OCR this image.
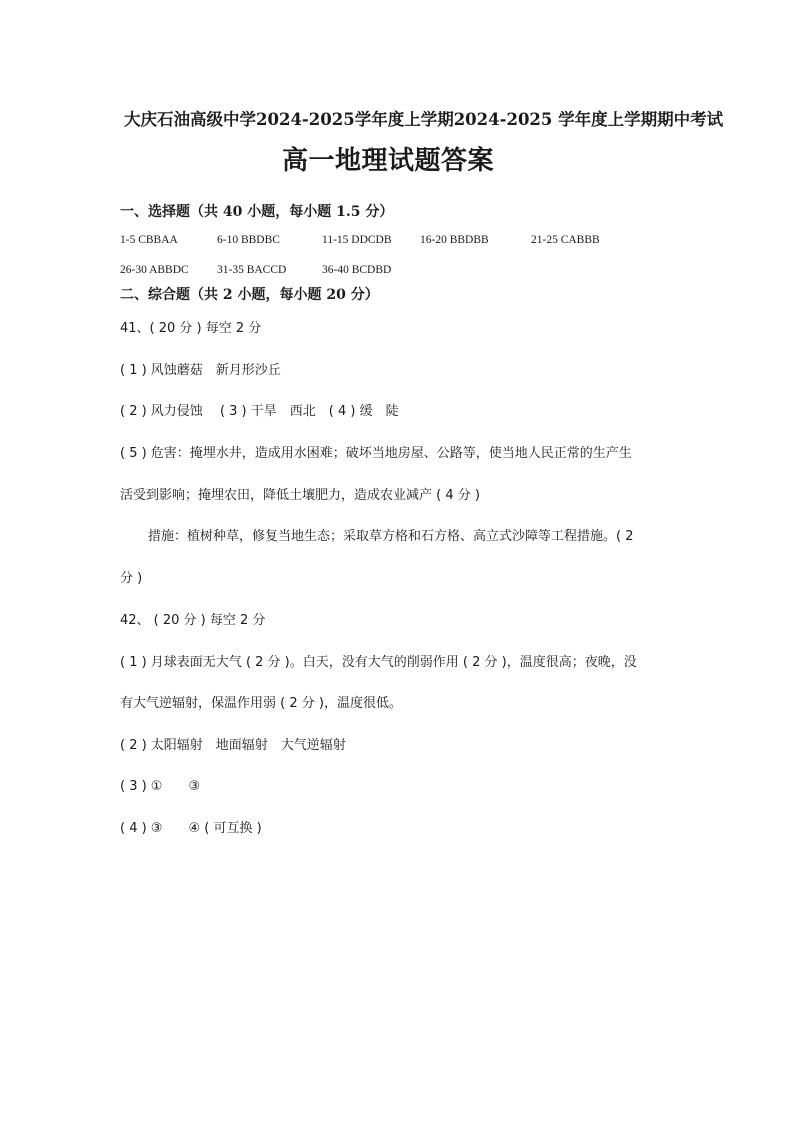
大庆石油高级中学2024-2025学年度上学期2024-2025 学年度上学期期中考试
高一地理试题答案
一、选择题（共 40 小题，每小题 1.5 分）
1-5 CBBAA	6-10 BBDBC	11-15 DDCDB 16-20 BBDBB	21-25 CABBB
26-30 ABBDC 31-35 BACCD	36-40 BCDBD
二、综合题（共 2 小题，每小题 20 分）
41、( 20 分 ) 每空 2 分
( 1 ) 风蚀蘑菇　新月形沙丘
( 2 ) 风力侵蚀　 ( 3 ) 干旱　西北　( 4 ) 缓　陡
( 5 ) 危害：掩埋水井，造成用水困难；破坏当地房屋、公路等，使当地人民正常的生产生
活受到影响；掩埋农田，降低土壤肥力，造成农业减产 ( 4 分 )
措施：植树种草，修复当地生态；采取草方格和石方格、高立式沙障等工程措施。( 2
分 )
42、 ( 20 分 ) 每空 2 分
( 1 ) 月球表面无大气 ( 2 分 )。白天，没有大气的削弱作用 ( 2 分 )，温度很高；夜晚，没
有大气逆辐射，保温作用弱 ( 2 分 )，温度很低。
( 2 ) 太阳辐射　地面辐射　大气逆辐射
( 3 ) ①　　③
( 4 ) ③　　④ ( 可互换 )
